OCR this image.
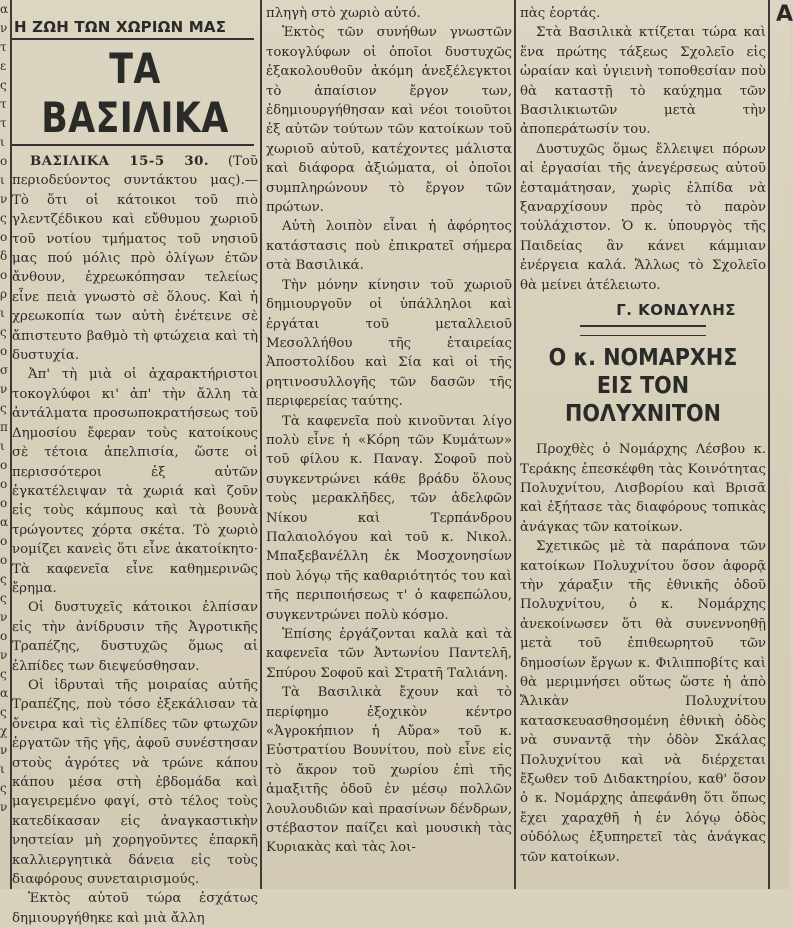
α
ν
τ
ε
ς
τ
τ
ι
ο
ι
ν
ς
ο
δ
ο
ρ
ι
ς
ο
σ
ν
ς
π
ι
ο
ο
ο
α
ο
ο
ς
ς
ν
ο
ν
ς
α
ς
χ
ν
ι
ς
ν
Η ΖΩΗ ΤΩΝ ΧΩΡΙΩΝ ΜΑΣ
ΤΑ ΒΑΣΙΛΙΚΑ

ΒΑΣΙΛΙΚΑ 15-5 30. (Τοῦ περιοδεύοντος συντάκτου μας).— Τὸ ὅτι οἱ κάτοικοι τοῦ πιὸ γλεντζέδικου καὶ εὔθυμου χωριοῦ τοῦ νοτίου τμήματος τοῦ νησιοῦ μας πού μόλις πρὸ ὀλίγων ἐτῶν ἄνθουν, ἐχρεωκόπησαν τελείως εἶνε πειὰ γνωστὸ σὲ ὅλους. Καὶ ἡ χρεωκοπία των αὐτὴ ἐνέτεινε σὲ ἄπιστευτο βαθμὸ τὴ φτώχεια καὶ τὴ δυστυχία.

Ἀπ' τὴ μιὰ οἱ ἀχαρακτήριστοι τοκογλύφοι κι' ἀπ' τὴν ἄλλη τὰ ἀντάλματα προσωποκρατήσεως τοῦ Δημοσίου ἔφεραν τοὺς κατοίκους σὲ τέτοια ἀπελπισία, ὥστε οἱ περισσότεροι ἐξ αὐτῶν ἐγκατέλειψαν τὰ χωριά καὶ ζοῦν εἰς τοὺς κάμπους καὶ τὰ βουνὰ τρώγοντες χόρτα σκέτα. Τὸ χωριὸ νομίζει κανεὶς ὅτι εἶνε ἀκατοίκητο· Τὰ καφενεῖα εἶνε καθημερινῶς ἔρημα.

Οἱ δυστυχεῖς κάτοικοι ἐλπίσαν εἰς τὴν ἀνίδρυσιν τῆς Ἀγροτικῆς Τραπέζης, δυστυχῶς ὅμως αἱ ἐλπίδες των διεψεύσθησαν.

Οἱ ἱδρυταὶ τῆς μοιραίας αὐτῆς Τραπέζης, ποὺ τόσο ἐξεκάλισαν τὰ ὄνειρα καὶ τὶς ἐλπίδες τῶν φτωχῶν ἐργατῶν τῆς γῆς, ἀφοῦ συνέστησαν στοὺς ἀγρότες νὰ τρώνε κάπου κάπου μέσα στὴ ἑβδομάδα καὶ μαγειρεμένο φαγί, στὸ τέλος τοὺς κατεδίκασαν εἰς ἀναγκαστικὴν νηστείαν μὴ χορηγοῦντες ἐπαρκῆ καλλιεργητικὰ δάνεια εἰς τοὺς διαφόρους συνεταιρισμούς.

Ἐκτὸς αὐτοῦ τώρα ἐσχάτως δημιουργήθηκε καὶ μιὰ ἄλλη

πληγὴ στὸ χωριὸ αὐτό.

Ἐκτὸς τῶν συνήθων γνωστῶν τοκογλύφων οἱ ὁποῖοι δυστυχῶς ἐξακολουθοῦν ἀκόμη ἀνεξέλεγκτοι τὸ ἀπαίσιον ἔργον των, ἐδημιουργήθησαν καὶ νέοι τοιοῦτοι ἐξ αὐτῶν τούτων τῶν κατοίκων τοῦ χωριοῦ αὐτοῦ, κατέχοντες μάλιστα καὶ διάφορα ἀξιώματα, οἱ ὁποῖοι συμπληρώνουν τὸ ἔργον τῶν πρώτων.

Αὐτὴ λοιπὸν εἶναι ἡ ἀφόρητος κατάστασις ποὺ ἐπικρατεῖ σήμερα στὰ Βασιλικά.

Τὴν μόνην κίνησιν τοῦ χωριοῦ δημιουργοῦν οἱ ὑπάλληλοι καὶ ἐργάται τοῦ μεταλλειοῦ Μεσολλήθου τῆς ἑταιρείας Ἀποστολίδου καὶ Σία καὶ οἱ τῆς ρητινοσυλλογῆς τῶν δασῶν τῆς περιφερείας ταύτης.

Τὰ καφενεῖα ποὺ κινοῦνται λίγο πολὺ εἶνε ἡ «Κόρη τῶν Κυμάτων» τοῦ φίλου κ. Παναγ. Σοφοῦ ποὺ συγκεντρώνει κάθε βράδυ ὅλους τοὺς μερακλῆδες, τῶν ἀδελφῶν Νίκου καὶ Τερπάνδρου Παλαιολόγου καὶ τοῦ κ. Νικολ. Μπαξεβανέλλη ἐκ Μοσχονησίων ποὺ λόγῳ τῆς καθαριότητός του καὶ τῆς περιποιήσεως τ' ὁ καφεπώλου, συγκεντρώνει πολὺ κόσμο.

Ἐπίσης ἐργάζονται καλὰ καὶ τὰ καφενεῖα τῶν Ἀντωνίου Παντελῆ, Σπύρου Σοφοῦ καὶ Στρατῆ Ταλιάνη.

Τὰ Βασιλικὰ ἔχουν καὶ τὸ περίφημο ἐξοχικὸν κέντρο «Ἀγροκήπιον ἡ Αὔρα» τοῦ κ. Εὐστρατίου Βουνίτου, ποὺ εἶνε εἰς τὸ ἄκρον τοῦ χωρίου ἐπὶ τῆς ἁμαξιτῆς ὁδοῦ ἐν μέσῳ πολλῶν λουλουδιῶν καὶ πρασίνων δένδρων, στέβαστον παίζει καὶ μουσικὴ τὰς Κυριακὰς καὶ τὰς λοι-

πὰς ἑορτάς.

Στὰ Βασιλικὰ κτίζεται τώρα καὶ ἕνα πρώτης τάξεως Σχολεῖο εἰς ὡραίαν καὶ ὑγιεινὴ τοποθεσίαν ποὺ θὰ καταστῇ τὸ καύχημα τῶν Βασιλικιωτῶν μετὰ τὴν ἀποπεράτωσίν του.

Δυστυχῶς ὅμως ἔλλειψει πόρων αἱ ἐργασίαι τῆς ἀνεγέρσεως αὐτοῦ ἐσταμάτησαν, χωρὶς ἐλπίδα νὰ ξαναρχίσουν πρὸς τὸ παρὸν τοὐλάχιστον. Ὁ κ. ὑπουργὸς τῆς Παιδείας ἂν κάνει κάμμιαν ἐνέργεια καλά. Ἄλλως τὸ Σχολεῖο θὰ μείνει ἀτέλειωτο.

Γ. ΚΟΝΔΥΛΗΣ
Ο κ. ΝΟΜΑΡΧΗΣ
ΕΙΣ ΤΟΝ ΠΟΛΥΧΝΙΤΟΝ

Προχθὲς ὁ Νομάρχης Λέσβου κ. Τεράκης ἐπεσκέφθη τὰς Κοινότητας Πολυχνίτου, Λισβορίου καὶ Βρισᾶ καὶ ἐξήτασε τὰς διαφόρους τοπικὰς ἀνάγκας τῶν κατοίκων.

Σχετικῶς μὲ τὰ παράπονα τῶν κατοίκων Πολυχνίτου ὅσον ἀφορᾷ τὴν χάραξιν τῆς ἐθνικῆς ὁδοῦ Πολυχνίτου, ὁ κ. Νομάρχης ἀνεκοίνωσεν ὅτι θὰ συνεννοηθῇ μετὰ τοῦ ἐπιθεωρητοῦ τῶν δημοσίων ἔργων κ. Φιλιπποβίτς καὶ θὰ μεριμνήσει οὕτως ὥστε ἡ ἀπὸ Ἄλικὰν Πολυχνίτου κατασκευασθησομένη ἐθνικὴ ὁδὸς νὰ συναντᾷ τὴν ὁδὸν Σκάλας Πολυχνίτου καὶ νὰ διέρχεται ἔξωθεν τοῦ Διδακτηρίου, καθ' ὅσον ὁ κ. Νομάρχης ἀπεφάνθη ὅτι ὅπως ἔχει χαραχθῆ ἡ ἐν λόγῳ ὁδὸς οὐδόλως ἐξυπηρετεῖ τὰς ἀνάγκας τῶν κατοίκων.

Α
